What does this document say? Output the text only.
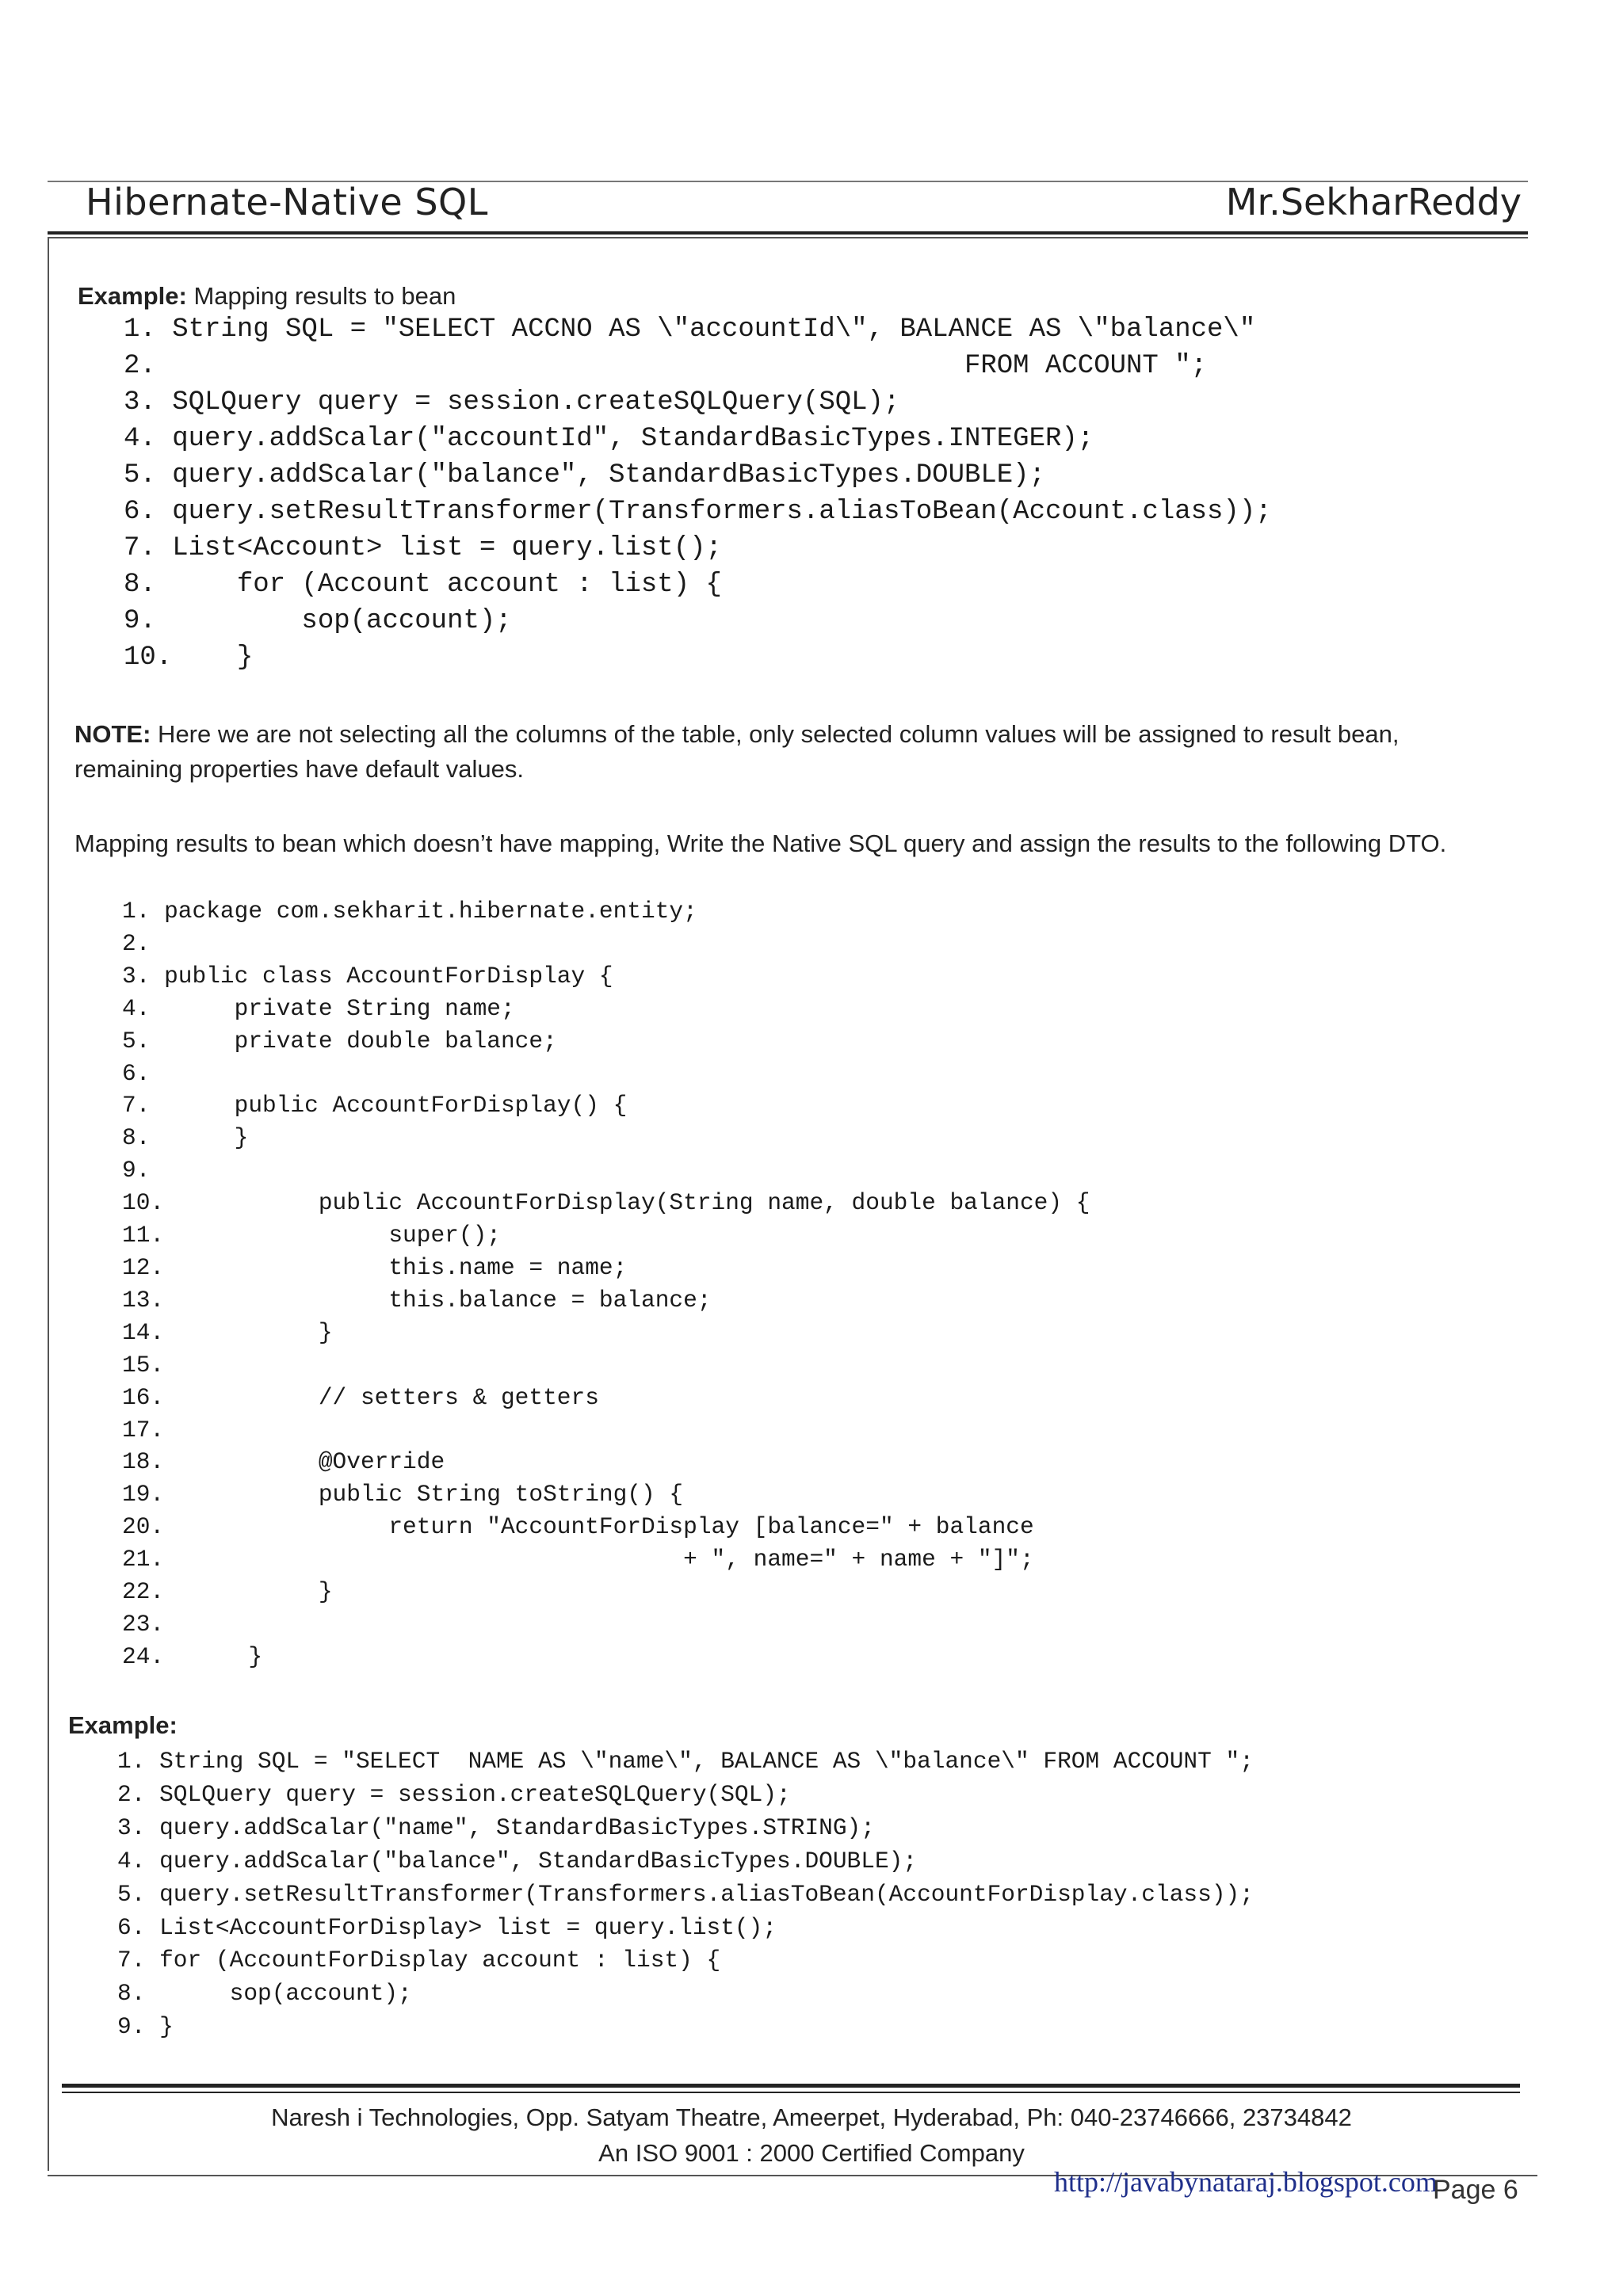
Hibernate-Native SQL	Mr.SekharReddy
Example: Mapping results to bean
1. String SQL = "SELECT ACCNO AS \"accountId\", BALANCE AS \"balance\"
2.                                                  FROM ACCOUNT ";
3. SQLQuery query = session.createSQLQuery(SQL);
4. query.addScalar("accountId", StandardBasicTypes.INTEGER);
5. query.addScalar("balance", StandardBasicTypes.DOUBLE);
6. query.setResultTransformer(Transformers.aliasToBean(Account.class));
7. List<Account> list = query.list();
8.     for (Account account : list) {
9.         sop(account);
10.    }
NOTE: Here we are not selecting all the columns of the table, only selected column values will be assigned to result bean, remaining properties have default values.
Mapping results to bean which doesn’t have mapping, Write the Native SQL query and assign the results to the following DTO.
1. package com.sekharit.hibernate.entity;
2.
3. public class AccountForDisplay {
4.      private String name;
5.      private double balance;
6.
7.      public AccountForDisplay() {
8.      }
9.
10.           public AccountForDisplay(String name, double balance) {
11.                super();
12.                this.name = name;
13.                this.balance = balance;
14.           }
15.
16.           // setters & getters
17.
18.           @Override
19.           public String toString() {
20.                return "AccountForDisplay [balance=" + balance
21.                                     + ", name=" + name + "]";
22.           }
23.
24.      }
Example:
1. String SQL = "SELECT  NAME AS \"name\", BALANCE AS \"balance\" FROM ACCOUNT ";
2. SQLQuery query = session.createSQLQuery(SQL);
3. query.addScalar("name", StandardBasicTypes.STRING);
4. query.addScalar("balance", StandardBasicTypes.DOUBLE);
5. query.setResultTransformer(Transformers.aliasToBean(AccountForDisplay.class));
6. List<AccountForDisplay> list = query.list();
7. for (AccountForDisplay account : list) {
8.      sop(account);
9. }
Naresh i Technologies, Opp. Satyam Theatre, Ameerpet, Hyderabad, Ph: 040-23746666, 23734842
An ISO 9001 : 2000 Certified Company
http://javabynataraj.blogspot.com
Page 6
